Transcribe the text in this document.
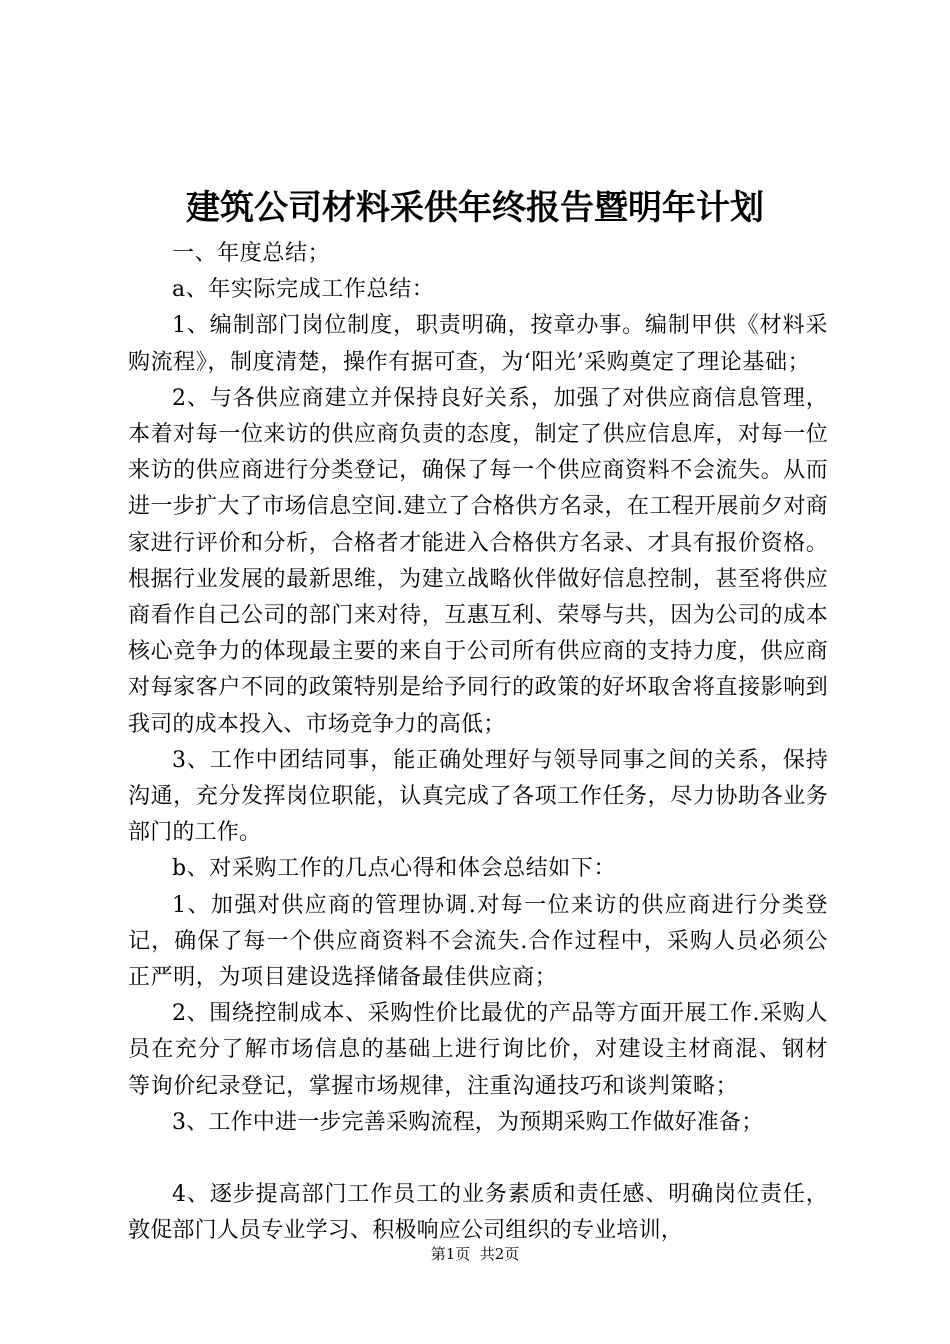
建筑公司材料采供年终报告暨明年计划

一、年度总结；

a、年实际完成工作总结：

1、编制部门岗位制度，职责明确，按章办事。编制甲供《材料采购流程》，制度清楚，操作有据可查，为‘阳光’采购奠定了理论基础；

2、与各供应商建立并保持良好关系，加强了对供应商信息管理，本着对每一位来访的供应商负责的态度，制定了供应信息库，对每一位来访的供应商进行分类登记，确保了每一个供应商资料不会流失。从而进一步扩大了市场信息空间.建立了合格供方名录，在工程开展前夕对商家进行评价和分析，合格者才能进入合格供方名录、才具有报价资格。根据行业发展的最新思维，为建立战略伙伴做好信息控制，甚至将供应商看作自己公司的部门来对待，互惠互利、荣辱与共，因为公司的成本核心竞争力的体现最主要的来自于公司所有供应商的支持力度，供应商对每家客户不同的政策特别是给予同行的政策的好坏取舍将直接影响到我司的成本投入、市场竞争力的高低；

3、工作中团结同事，能正确处理好与领导同事之间的关系，保持沟通，充分发挥岗位职能，认真完成了各项工作任务，尽力协助各业务部门的工作。

b、对采购工作的几点心得和体会总结如下：

1、加强对供应商的管理协调.对每一位来访的供应商进行分类登记，确保了每一个供应商资料不会流失.合作过程中，采购人员必须公正严明，为项目建设选择储备最佳供应商；

2、围绕控制成本、采购性价比最优的产品等方面开展工作.采购人员在充分了解市场信息的基础上进行询比价，对建设主材商混、钢材等询价纪录登记，掌握市场规律，注重沟通技巧和谈判策略；

3、工作中进一步完善采购流程，为预期采购工作做好准备；

4、逐步提高部门工作员工的业务素质和责任感、明确岗位责任，敦促部门人员专业学习、积极响应公司组织的专业培训，

第1页  共2页
